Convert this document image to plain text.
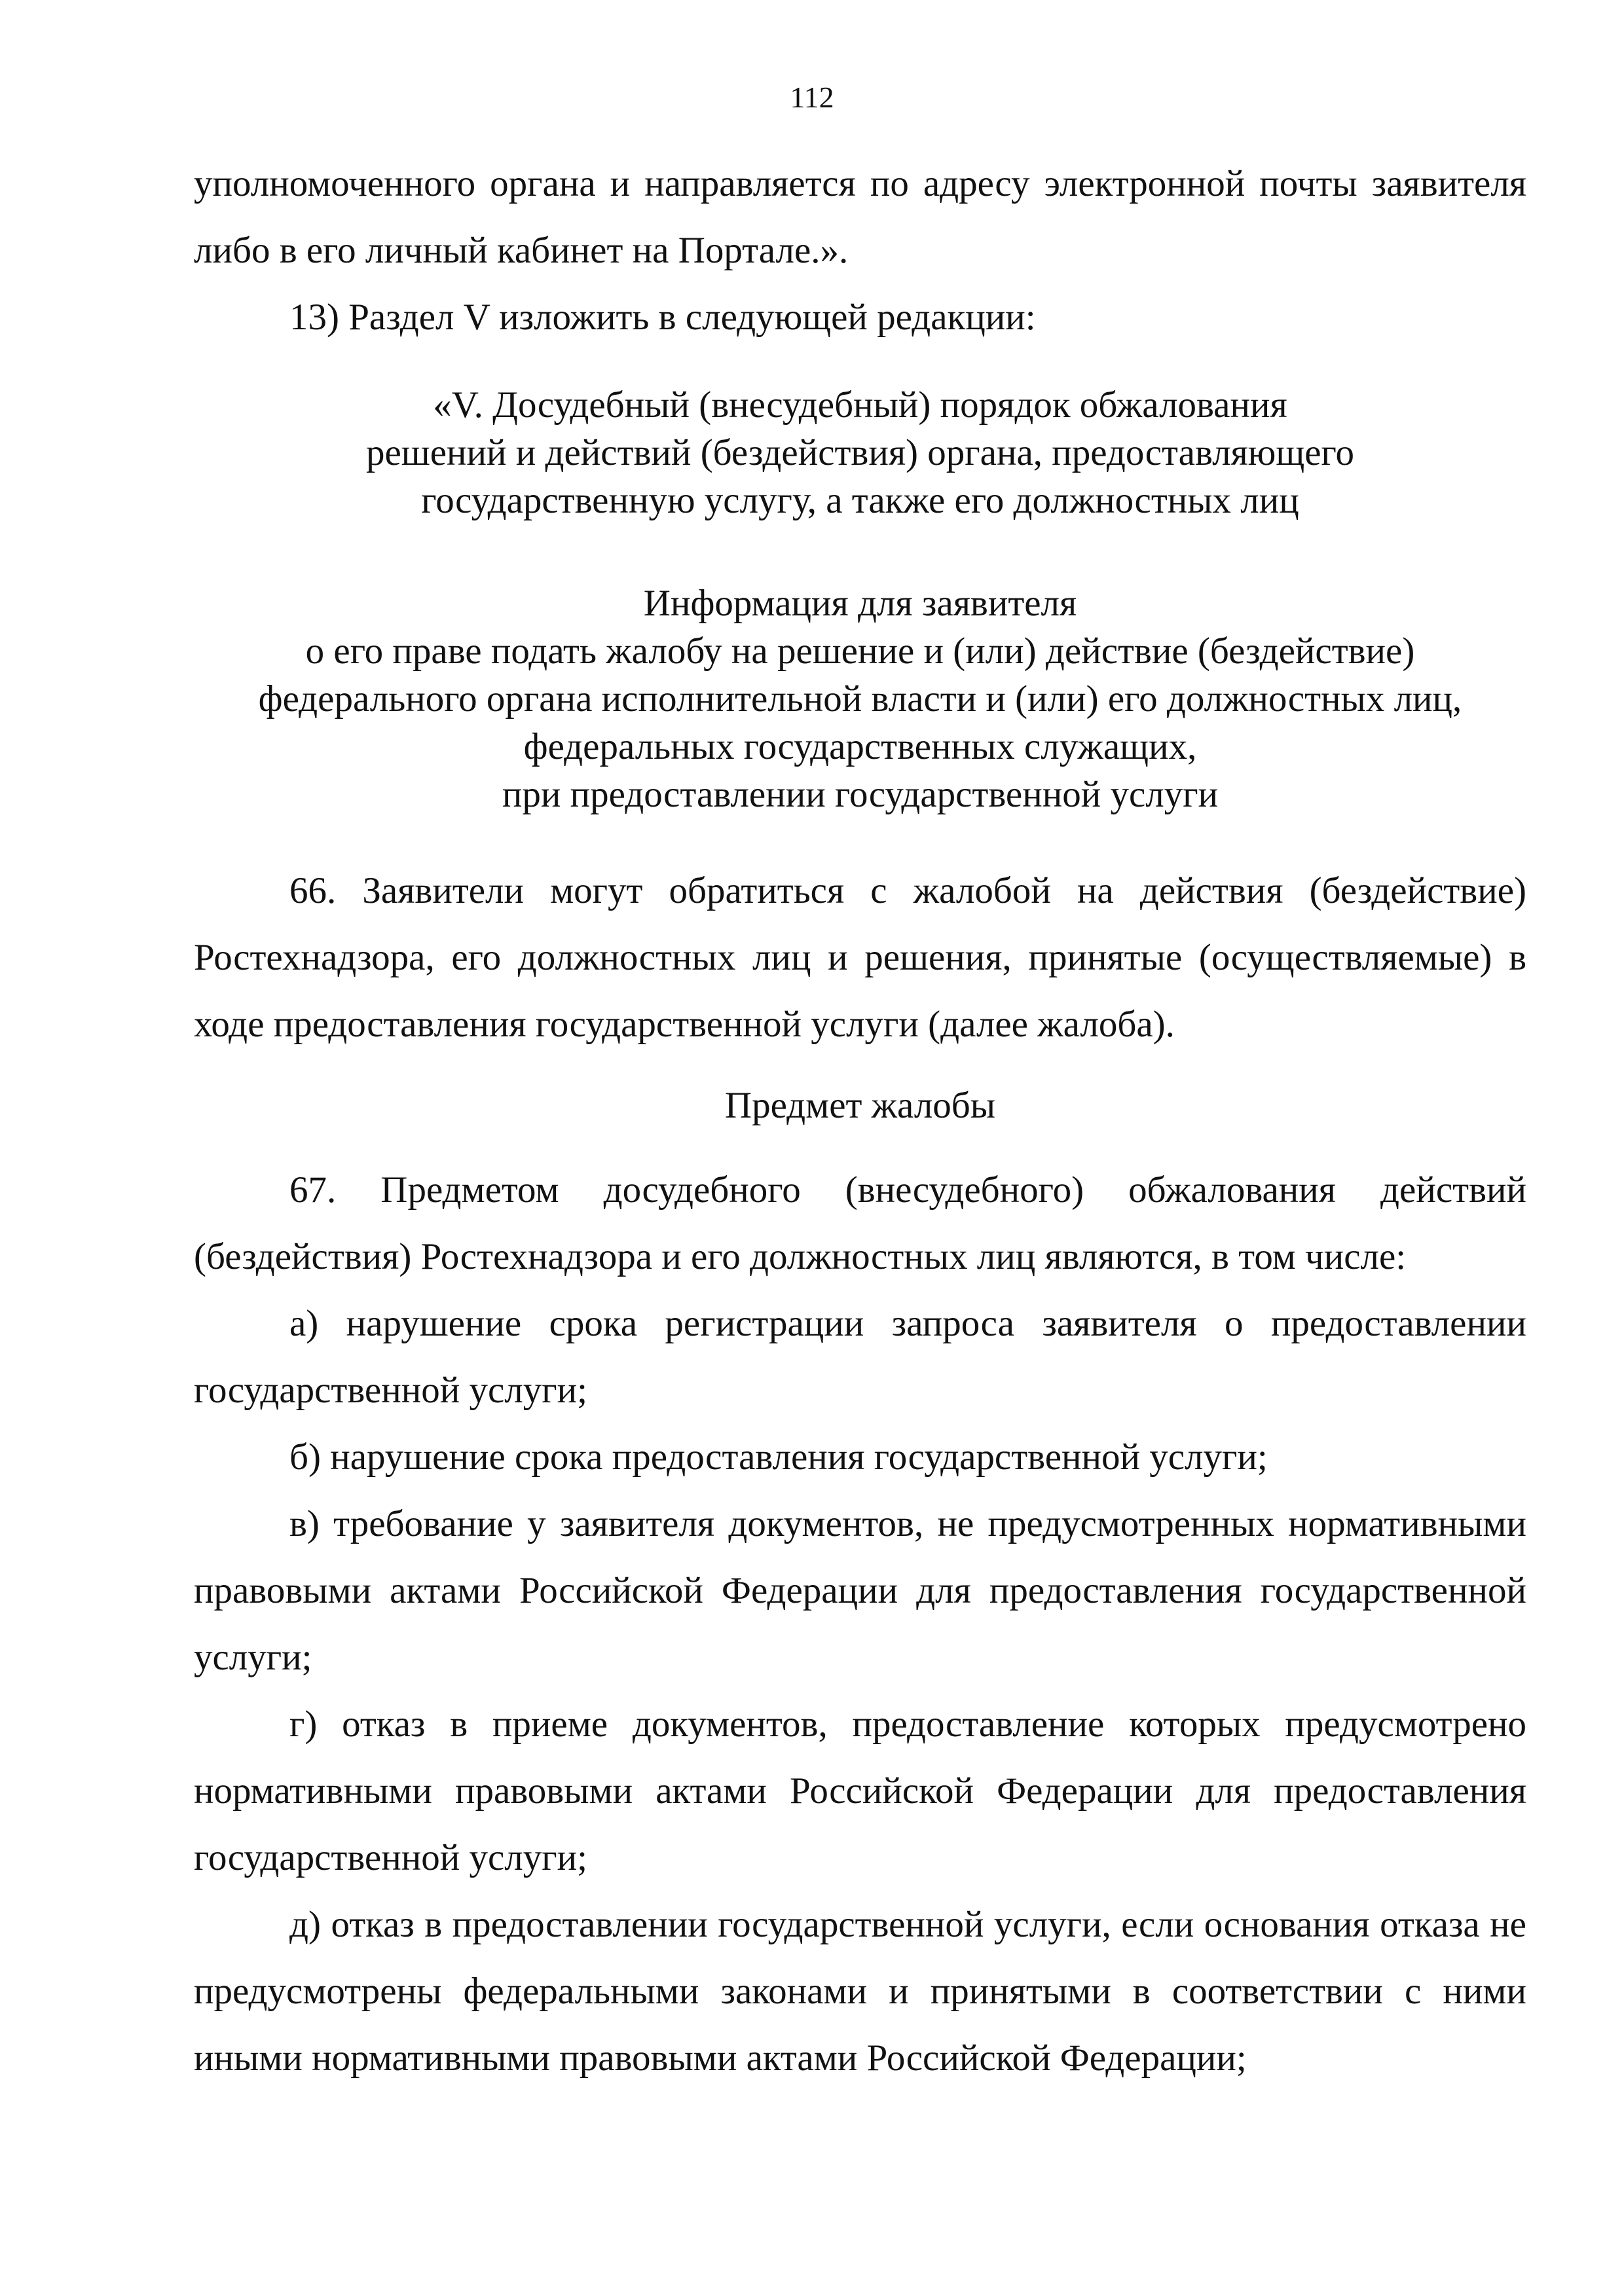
112

уполномоченного органа и направляется по адресу электронной почты заявителя либо в его личный кабинет на Портале.».

13) Раздел V изложить в следующей редакции:

«V. Досудебный (внесудебный) порядок обжалования

решений и действий (бездействия) органа, предоставляющего

государственную услугу, а также его должностных лиц

Информация для заявителя

о его праве подать жалобу на решение и (или) действие (бездействие)

федерального органа исполнительной власти и (или) его должностных лиц,

федеральных государственных служащих,

при предоставлении государственной услуги

66. Заявители могут обратиться с жалобой на действия (бездействие) Ростехнадзора, его должностных лиц и решения, принятые (осуществляемые) в ходе предоставления государственной услуги (далее жалоба).

Предмет жалобы

67. Предметом досудебного (внесудебного) обжалования действий (бездействия) Ростехнадзора и его должностных лиц являются, в том числе:

а) нарушение срока регистрации запроса заявителя о предоставлении государственной услуги;

б) нарушение срока предоставления государственной услуги;

в) требование у заявителя документов, не предусмотренных нормативными правовыми актами Российской Федерации для предоставления государственной услуги;

г) отказ в приеме документов, предоставление которых предусмотрено нормативными правовыми актами Российской Федерации для предоставления государственной услуги;

д) отказ в предоставлении государственной услуги, если основания отказа не предусмотрены федеральными законами и принятыми в соответствии с ними иными нормативными правовыми актами Российской Федерации;
